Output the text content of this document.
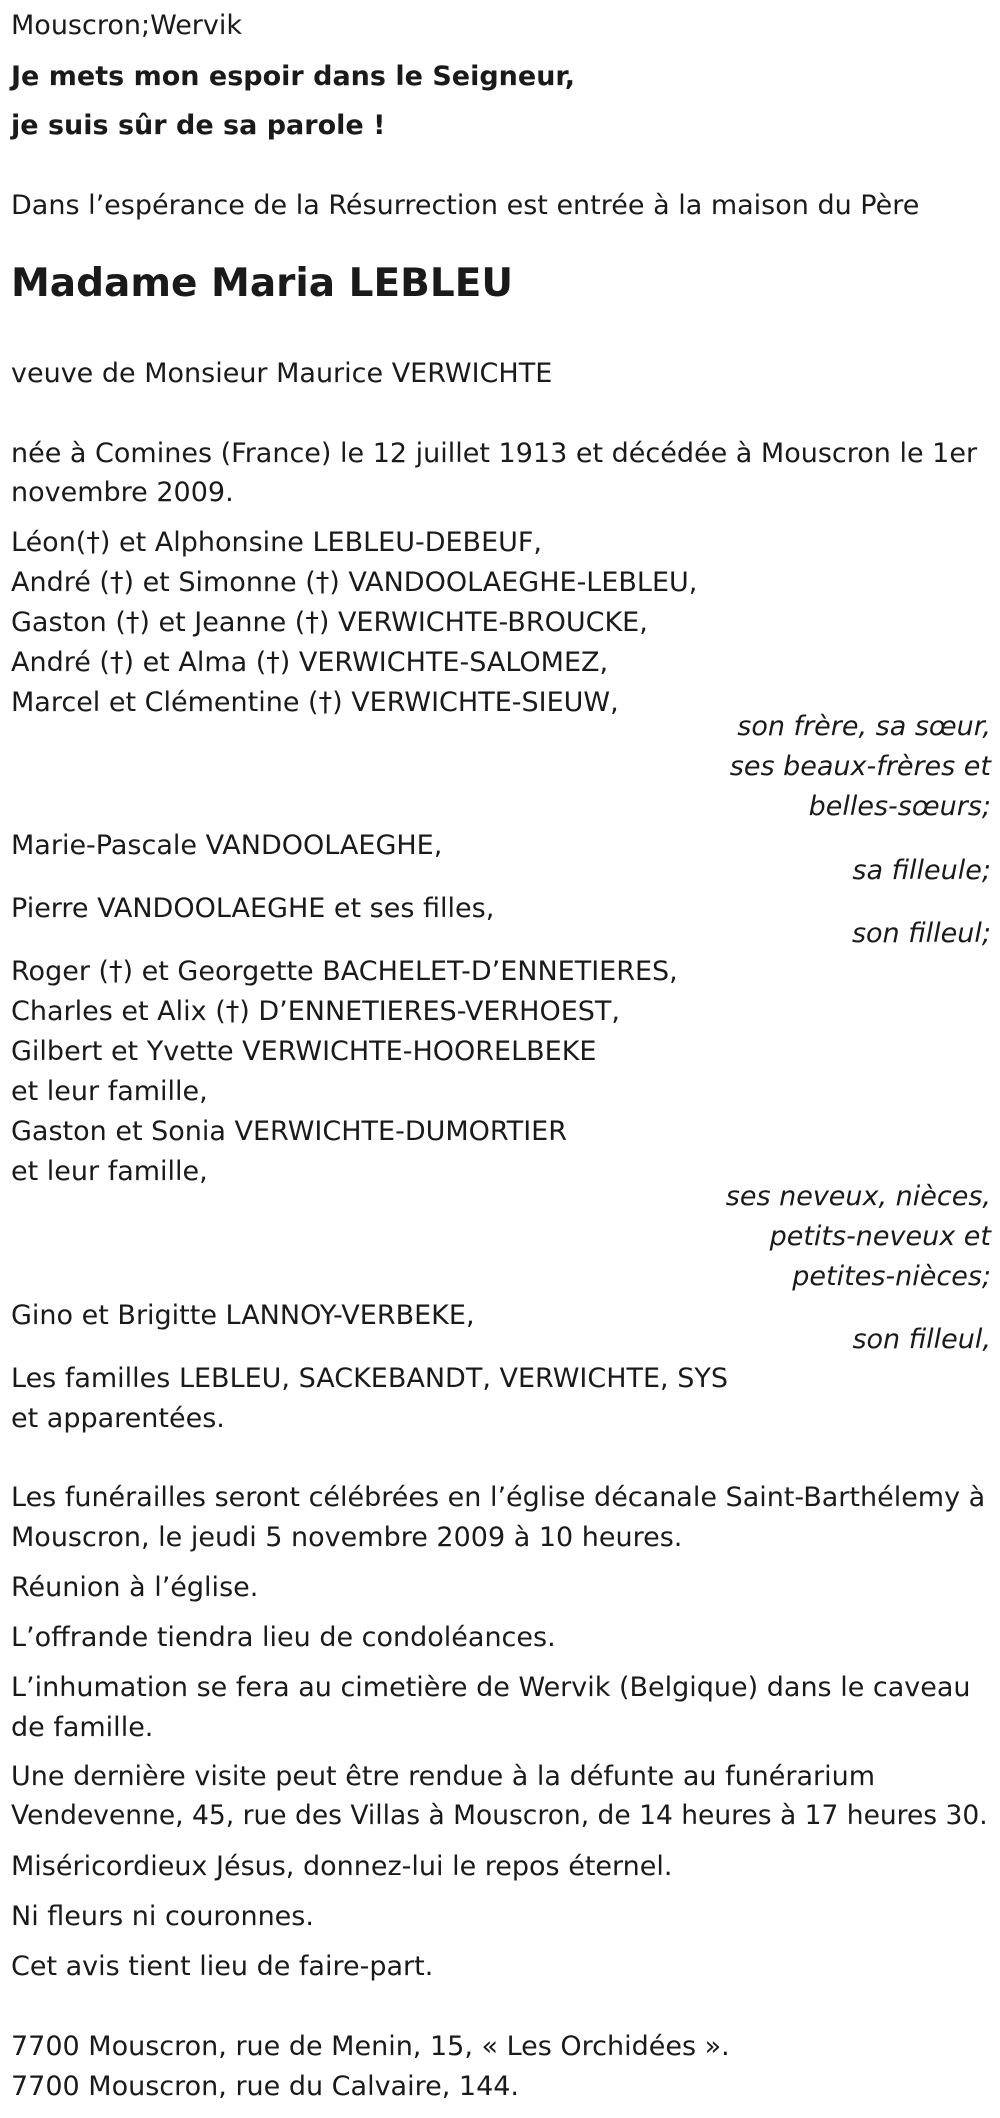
Mouscron;Wervik
Je mets mon espoir dans le Seigneur,
je suis sûr de sa parole !
Dans l’espérance de la Résurrection est entrée à la maison du Père
Madame Maria LEBLEU
veuve de Monsieur Maurice VERWICHTE
née à Comines (France) le 12 juillet 1913 et décédée à Mouscron le 1er
novembre 2009.
Léon(†) et Alphonsine LEBLEU-DEBEUF,
André (†) et Simonne (†) VANDOOLAEGHE-LEBLEU,
Gaston (†) et Jeanne (†) VERWICHTE-BROUCKE,
André (†) et Alma (†) VERWICHTE-SALOMEZ,
Marcel et Clémentine (†) VERWICHTE-SIEUW,
son frère, sa sœur,
ses beaux-frères et
belles-sœurs;
Marie-Pascale VANDOOLAEGHE,
sa filleule;
Pierre VANDOOLAEGHE et ses filles,
son filleul;
Roger (†) et Georgette BACHELET-D’ENNETIERES,
Charles et Alix (†) D’ENNETIERES-VERHOEST,
Gilbert et Yvette VERWICHTE-HOORELBEKE
et leur famille,
Gaston et Sonia VERWICHTE-DUMORTIER
et leur famille,
ses neveux, nièces,
petits-neveux et
petites-nièces;
Gino et Brigitte LANNOY-VERBEKE,
son filleul,
Les familles LEBLEU, SACKEBANDT, VERWICHTE, SYS
et apparentées.
Les funérailles seront célébrées en l’église décanale Saint-Barthélemy à
Mouscron, le jeudi 5 novembre 2009 à 10 heures.
Réunion à l’église.
L’offrande tiendra lieu de condoléances.
L’inhumation se fera au cimetière de Wervik (Belgique) dans le caveau
de famille.
Une dernière visite peut être rendue à la défunte au funérarium
Vendevenne, 45, rue des Villas à Mouscron, de 14 heures à 17 heures 30.
Miséricordieux Jésus, donnez-lui le repos éternel.
Ni fleurs ni couronnes.
Cet avis tient lieu de faire-part.
7700 Mouscron, rue de Menin, 15, « Les Orchidées ».
7700 Mouscron, rue du Calvaire, 144.
